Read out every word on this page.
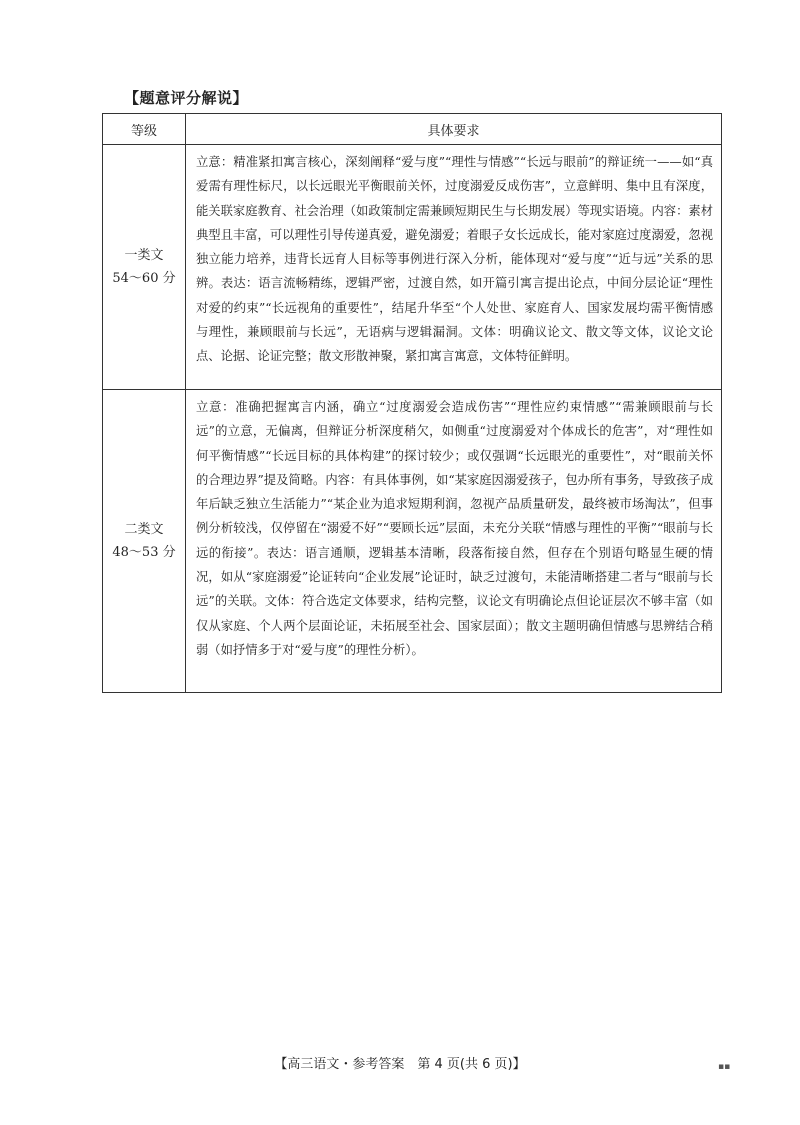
【题意评分解说】
等级	具体要求

一类文
54～60 分	立意：精准紧扣寓言核心，深刻阐释“爱与度”“理性与情感”“长远与眼前”的辩证统一——如“真爱需有理性标尺，以长远眼光平衡眼前关怀，过度溺爱反成伤害”，立意鲜明、集中且有深度，能关联家庭教育、社会治理（如政策制定需兼顾短期民生与长期发展）等现实语境。内容：素材典型且丰富，可以理性引导传递真爱，避免溺爱；着眼子女长远成长，能对家庭过度溺爱，忽视独立能力培养，违背长远育人目标等事例进行深入分析，能体现对“爱与度”“近与远”关系的思辨。表达：语言流畅精练，逻辑严密，过渡自然，如开篇引寓言提出论点，中间分层论证“理性对爱的约束”“长远视角的重要性”，结尾升华至“个人处世、家庭育人、国家发展均需平衡情感与理性，兼顾眼前与长远”，无语病与逻辑漏洞。文体：明确议论文、散文等文体，议论文论点、论据、论证完整；散文形散神聚，紧扣寓言寓意，文体特征鲜明。

二类文
48～53 分	立意：准确把握寓言内涵，确立“过度溺爱会造成伤害”“理性应约束情感”“需兼顾眼前与长远”的立意，无偏离，但辩证分析深度稍欠，如侧重“过度溺爱对个体成长的危害”，对“理性如何平衡情感”“长远目标的具体构建”的探讨较少；或仅强调“长远眼光的重要性”，对“眼前关怀的合理边界”提及简略。内容：有具体事例，如“某家庭因溺爱孩子，包办所有事务，导致孩子成年后缺乏独立生活能力”“某企业为追求短期利润，忽视产品质量研发，最终被市场淘汰”，但事例分析较浅，仅停留在“溺爱不好”“要顾长远”层面，未充分关联“情感与理性的平衡”“眼前与长远的衔接”。表达：语言通顺，逻辑基本清晰，段落衔接自然，但存在个别语句略显生硬的情况，如从“家庭溺爱”论证转向“企业发展”论证时，缺乏过渡句，未能清晰搭建二者与“眼前与长远”的关联。文体：符合选定文体要求，结构完整，议论文有明确论点但论证层次不够丰富（如仅从家庭、个人两个层面论证，未拓展至社会、国家层面）；散文主题明确但情感与思辨结合稍弱（如抒情多于对“爱与度”的理性分析）。
【高三语文・参考答案　第 4 页(共 6 页)】	▪▪
